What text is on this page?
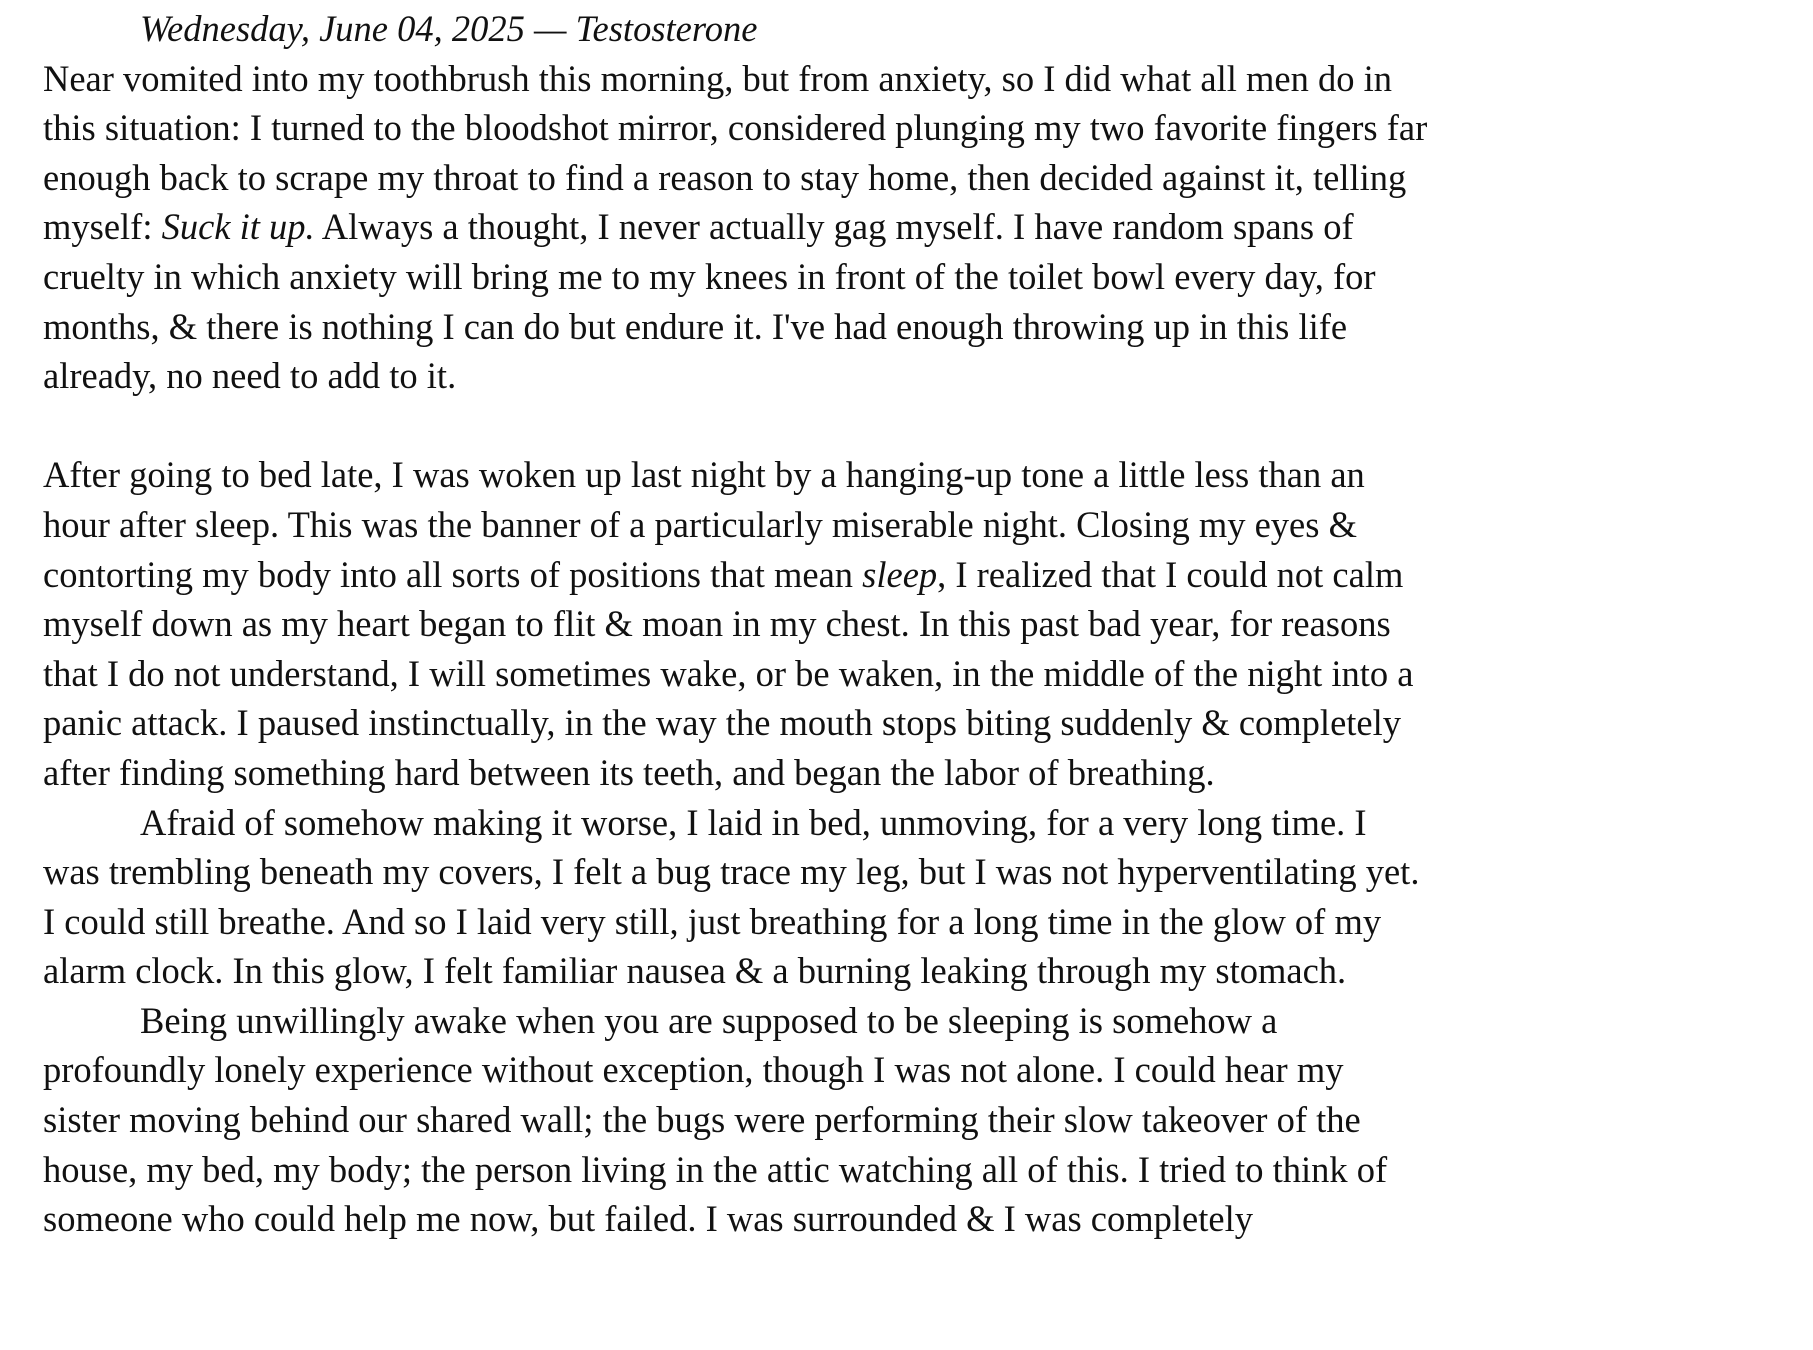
Wednesday, June 04, 2025 — Testosterone

Near vomited into my toothbrush this morning, but from anxiety, so I did what all men do in this situation: I turned to the bloodshot mirror, considered plunging my two favorite fingers far enough back to scrape my throat to find a reason to stay home, then decided against it, telling myself: Suck it up. Always a thought, I never actually gag myself. I have random spans of cruelty in which anxiety will bring me to my knees in front of the toilet bowl every day, for months, & there is nothing I can do but endure it. I've had enough throwing up in this life already, no need to add to it.

After going to bed late, I was woken up last night by a hanging-up tone a little less than an hour after sleep. This was the banner of a particularly miserable night. Closing my eyes & contorting my body into all sorts of positions that mean sleep, I realized that I could not calm myself down as my heart began to flit & moan in my chest. In this past bad year, for reasons that I do not understand, I will sometimes wake, or be waken, in the middle of the night into a panic attack. I paused instinctually, in the way the mouth stops biting suddenly & completely after finding something hard between its teeth, and began the labor of breathing.

Afraid of somehow making it worse, I laid in bed, unmoving, for a very long time. I was trembling beneath my covers, I felt a bug trace my leg, but I was not hyperventilating yet. I could still breathe. And so I laid very still, just breathing for a long time in the glow of my alarm clock. In this glow, I felt familiar nausea & a burning leaking through my stomach.

Being unwillingly awake when you are supposed to be sleeping is somehow a profoundly lonely experience without exception, though I was not alone. I could hear my sister moving behind our shared wall; the bugs were performing their slow takeover of the house, my bed, my body; the person living in the attic watching all of this. I tried to think of someone who could help me now, but failed. I was surrounded & I was completely
